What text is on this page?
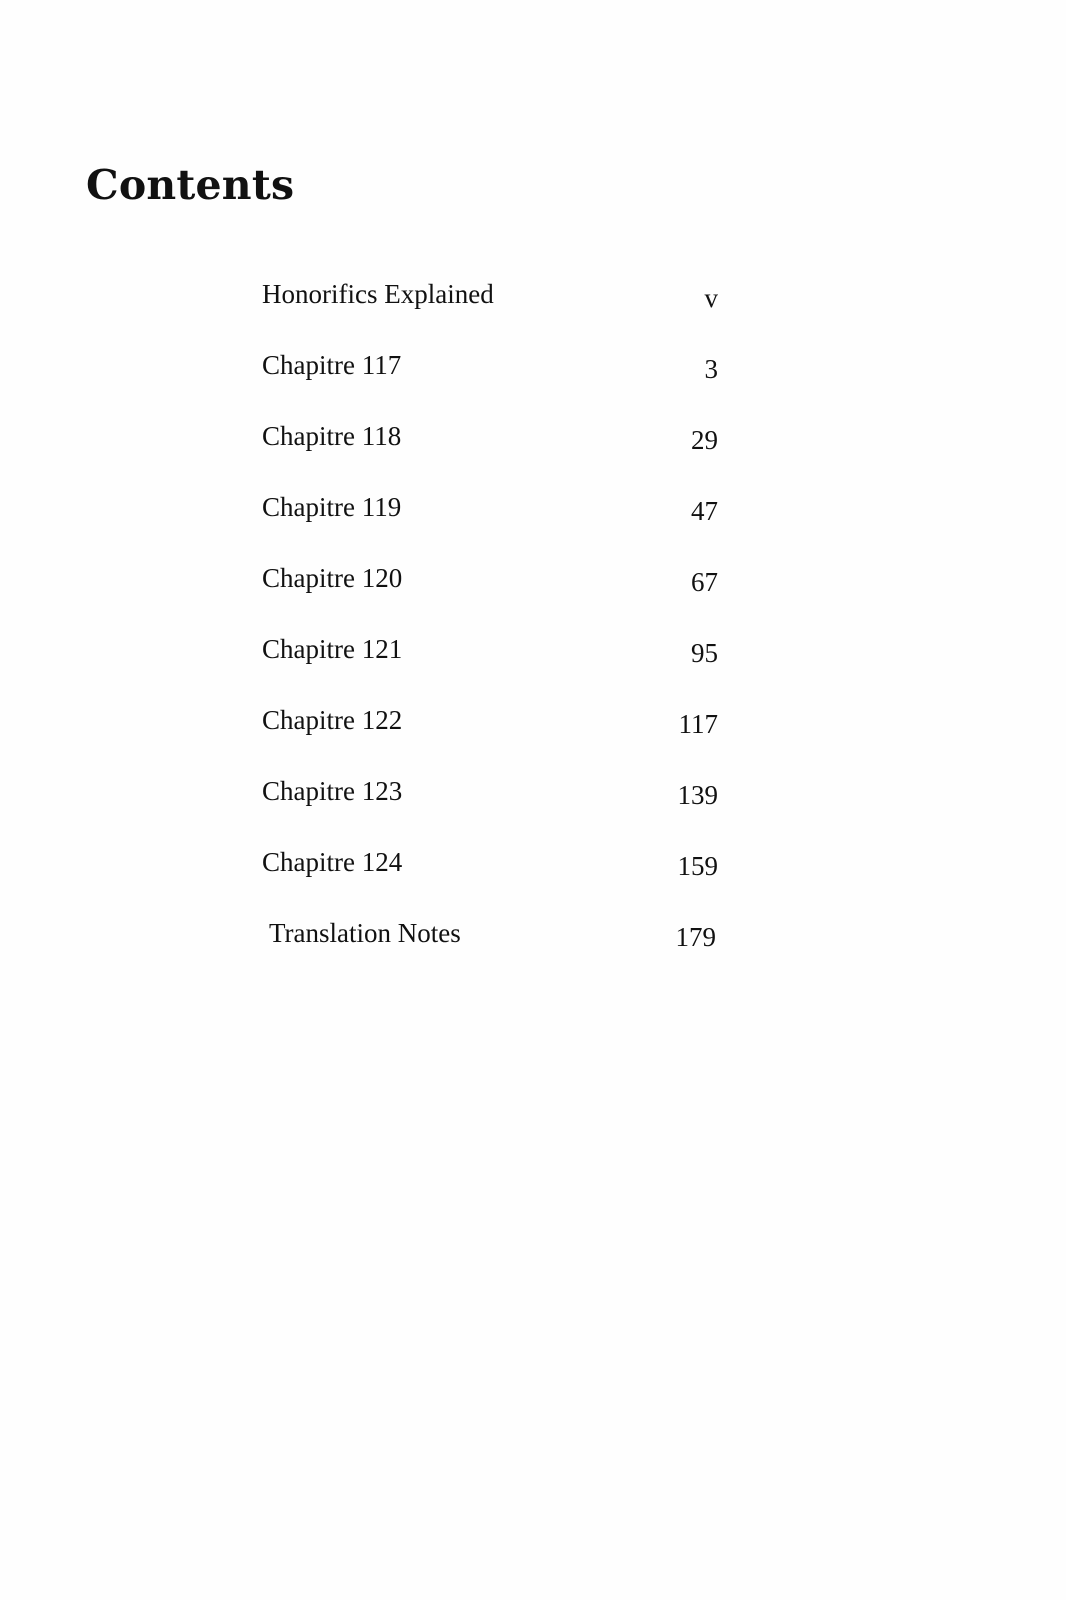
Contents
Honorifics Explained	v
Chapitre 117	3
Chapitre 118	29
Chapitre 119	47
Chapitre 120	67
Chapitre 121	95
Chapitre 122	117
Chapitre 123	139
Chapitre 124	159
Translation Notes	179
